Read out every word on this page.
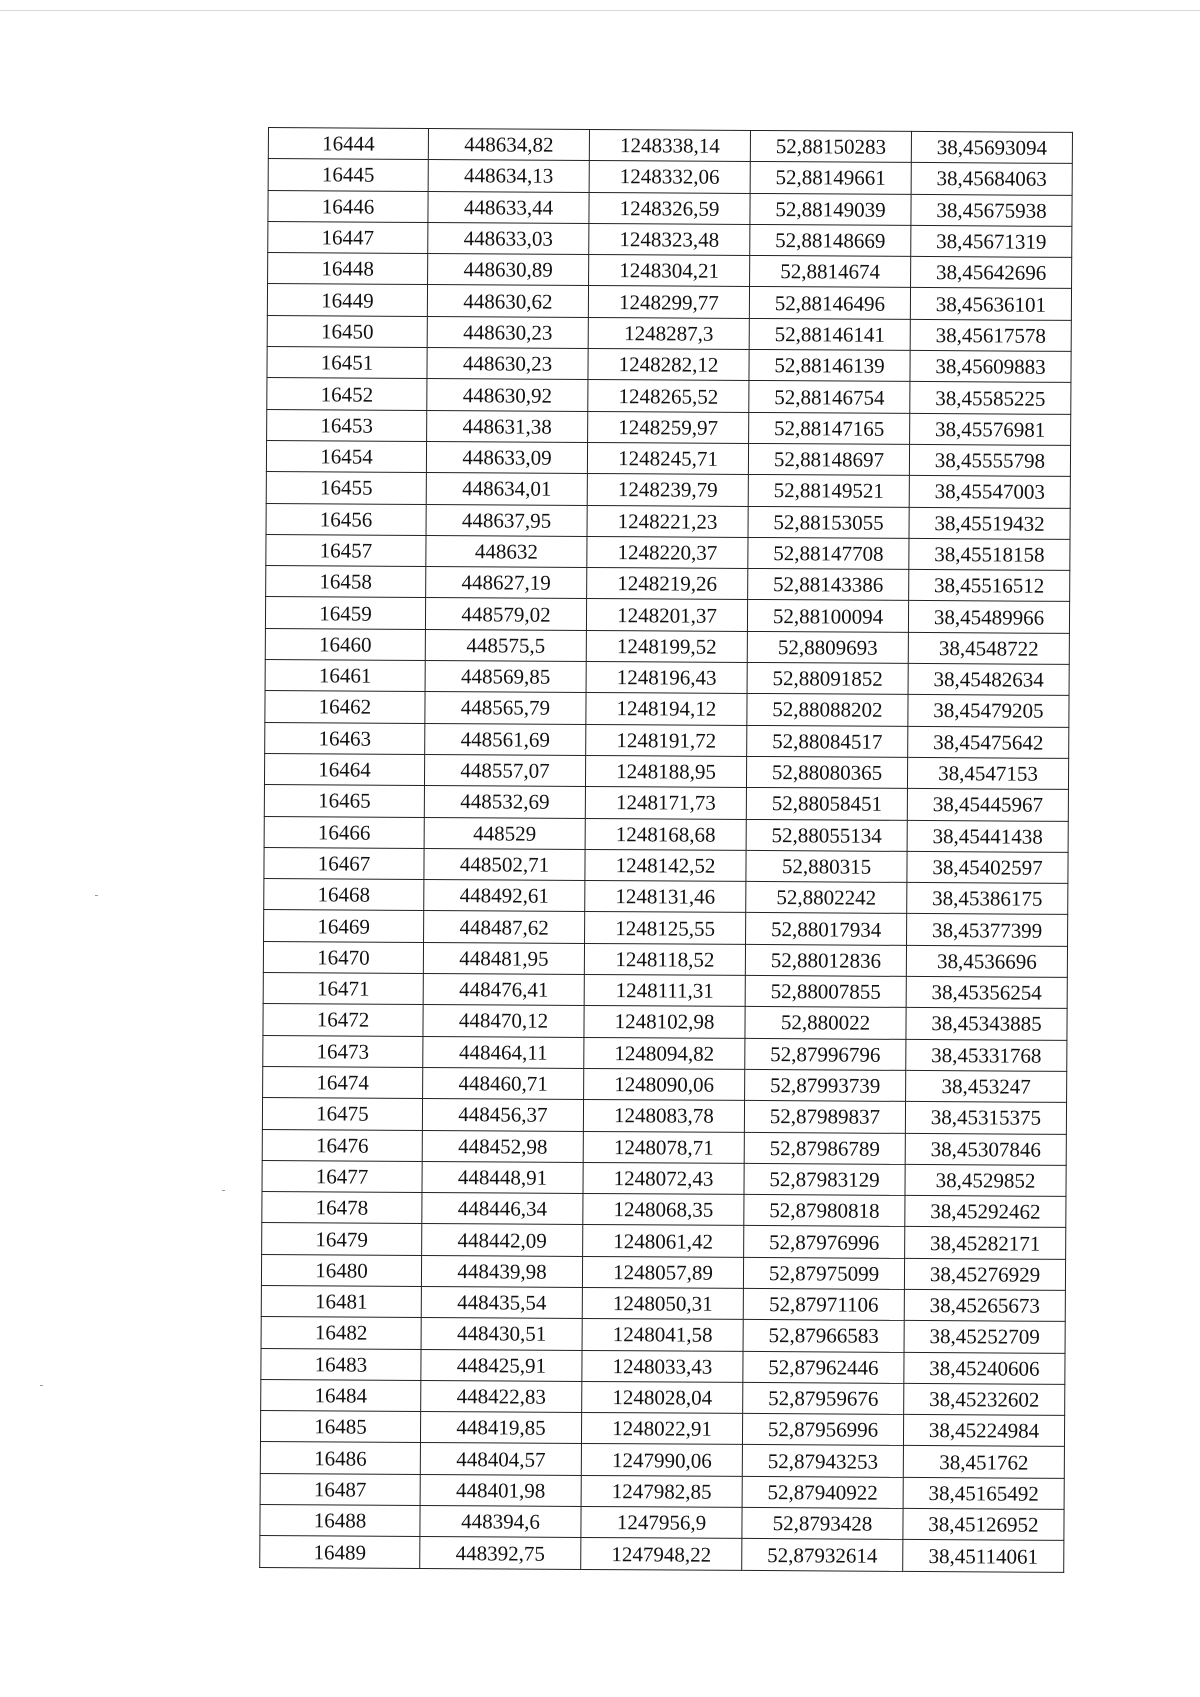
16444	448634,82	1248338,14	52,88150283	38,45693094
16445	448634,13	1248332,06	52,88149661	38,45684063
16446	448633,44	1248326,59	52,88149039	38,45675938
16447	448633,03	1248323,48	52,88148669	38,45671319
16448	448630,89	1248304,21	52,8814674	38,45642696
16449	448630,62	1248299,77	52,88146496	38,45636101
16450	448630,23	1248287,3	52,88146141	38,45617578
16451	448630,23	1248282,12	52,88146139	38,45609883
16452	448630,92	1248265,52	52,88146754	38,45585225
16453	448631,38	1248259,97	52,88147165	38,45576981
16454	448633,09	1248245,71	52,88148697	38,45555798
16455	448634,01	1248239,79	52,88149521	38,45547003
16456	448637,95	1248221,23	52,88153055	38,45519432
16457	448632	1248220,37	52,88147708	38,45518158
16458	448627,19	1248219,26	52,88143386	38,45516512
16459	448579,02	1248201,37	52,88100094	38,45489966
16460	448575,5	1248199,52	52,8809693	38,4548722
16461	448569,85	1248196,43	52,88091852	38,45482634
16462	448565,79	1248194,12	52,88088202	38,45479205
16463	448561,69	1248191,72	52,88084517	38,45475642
16464	448557,07	1248188,95	52,88080365	38,4547153
16465	448532,69	1248171,73	52,88058451	38,45445967
16466	448529	1248168,68	52,88055134	38,45441438
16467	448502,71	1248142,52	52,880315	38,45402597
16468	448492,61	1248131,46	52,8802242	38,45386175
16469	448487,62	1248125,55	52,88017934	38,45377399
16470	448481,95	1248118,52	52,88012836	38,4536696
16471	448476,41	1248111,31	52,88007855	38,45356254
16472	448470,12	1248102,98	52,880022	38,45343885
16473	448464,11	1248094,82	52,87996796	38,45331768
16474	448460,71	1248090,06	52,87993739	38,453247
16475	448456,37	1248083,78	52,87989837	38,45315375
16476	448452,98	1248078,71	52,87986789	38,45307846
16477	448448,91	1248072,43	52,87983129	38,4529852
16478	448446,34	1248068,35	52,87980818	38,45292462
16479	448442,09	1248061,42	52,87976996	38,45282171
16480	448439,98	1248057,89	52,87975099	38,45276929
16481	448435,54	1248050,31	52,87971106	38,45265673
16482	448430,51	1248041,58	52,87966583	38,45252709
16483	448425,91	1248033,43	52,87962446	38,45240606
16484	448422,83	1248028,04	52,87959676	38,45232602
16485	448419,85	1248022,91	52,87956996	38,45224984
16486	448404,57	1247990,06	52,87943253	38,451762
16487	448401,98	1247982,85	52,87940922	38,45165492
16488	448394,6	1247956,9	52,8793428	38,45126952
16489	448392,75	1247948,22	52,87932614	38,45114061
